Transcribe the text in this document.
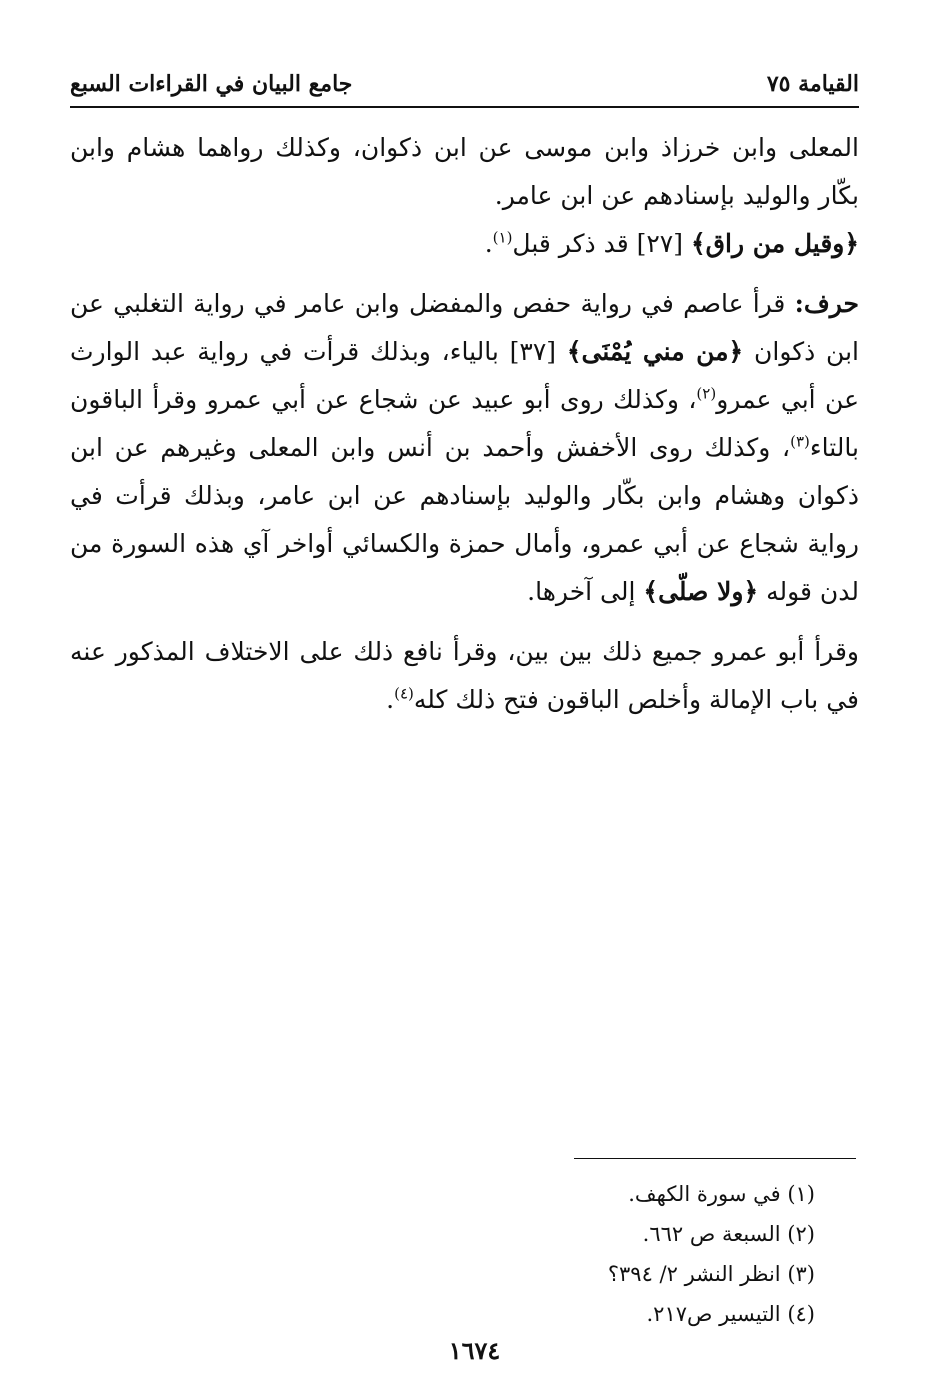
القيامة ٧٥
جامع البيان في القراءات السبع

المعلى وابن خرزاذ وابن موسى عن ابن ذكوان، وكذلك رواهما هشام وابن بكّار والوليد بإسنادهم عن ابن عامر.

﴿وقيل من راق﴾ [٢٧] قد ذكر قبل$^{(١)}$.

حرف: قرأ عاصم في رواية حفص والمفضل وابن عامر في رواية التغلبي عن ابن ذكوان ﴿من مني يُمْنَى﴾ [٣٧] بالياء، وبذلك قرأت في رواية عبد الوارث عن أبي عمرو$^{(٢)}$، وكذلك روى أبو عبيد عن شجاع عن أبي عمرو وقرأ الباقون بالتاء$^{(٣)}$، وكذلك روى الأخفش وأحمد بن أنس وابن المعلى وغيرهم عن ابن ذكوان وهشام وابن بكّار والوليد بإسنادهم عن ابن عامر، وبذلك قرأت في رواية شجاع عن أبي عمرو، وأمال حمزة والكسائي أواخر آي هذه السورة من لدن قوله ﴿ولا صلّى﴾ إلى آخرها.

وقرأ أبو عمرو جميع ذلك بين بين، وقرأ نافع ذلك على الاختلاف المذكور عنه في باب الإمالة وأخلص الباقون فتح ذلك كله$^{(٤)}$.

(١) في سورة الكهف.
(٢) السبعة ص ٦٦٢.
(٣) انظر النشر ٢/ ٣٩٤؟
(٤) التيسير ص٢١٧.
١٦٧٤
